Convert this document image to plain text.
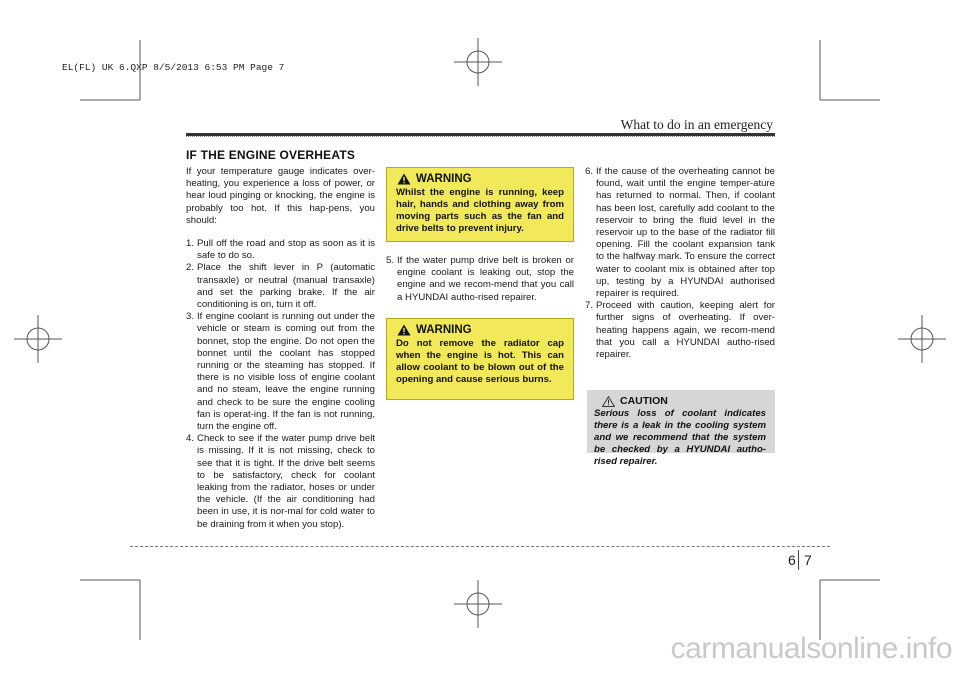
EL(FL) UK 6.QXP 8/5/2013 6:53 PM Page 7
What to do in an emergency
IF THE ENGINE OVERHEATS

If your temperature gauge indicates over-heating, you experience a loss of power, or hear loud pinging or knocking, the engine is probably too hot. If this hap-pens, you should:

1. Pull off the road and stop as soon as it is safe to do so.
2. Place the shift lever in P (automatic transaxle) or neutral (manual transaxle) and set the parking brake. If the air conditioning is on, turn it off.
3. If engine coolant is running out under the vehicle or steam is coming out from the bonnet, stop the engine. Do not open the bonnet until the coolant has stopped running or the steaming has stopped. If there is no visible loss of engine coolant and no steam, leave the engine running and check to be sure the engine cooling fan is operat-ing. If the fan is not running, turn the engine off.
4. Check to see if the water pump drive belt is missing. If it is not missing, check to see that it is tight. If the drive belt seems to be satisfactory, check for coolant leaking from the radiator, hoses or under the vehicle. (If the air conditioning had been in use, it is nor-mal for cold water to be draining from it when you stop).
WARNING
Whilst the engine is running, keep hair, hands and clothing away from moving parts such as the fan and drive belts to prevent injury.
5. If the water pump drive belt is broken or engine coolant is leaking out, stop the engine and we recom-mend that you call a HYUNDAI autho-rised repairer.
WARNING
Do not remove the radiator cap when the engine is hot. This can allow coolant to be blown out of the opening and cause serious burns.
6. If the cause of the overheating cannot be found, wait until the engine temper-ature has returned to normal. Then, if coolant has been lost, carefully add coolant to the reservoir to bring the fluid level in the reservoir up to the base of the radiator fill opening. Fill the coolant expansion tank to the halfway mark. To ensure the correct water to coolant mix is obtained after top up, testing by a HYUNDAI authorised repairer is required.
7. Proceed with caution, keeping alert for further signs of overheating. If over-heating happens again, we recom-mend that you call a HYUNDAI autho-rised repairer.
CAUTION
Serious loss of coolant indicates there is a leak in the cooling system and we recommend that the system be checked by a HYUNDAI autho-rised repairer.
6 7
carmanualsonline.info
